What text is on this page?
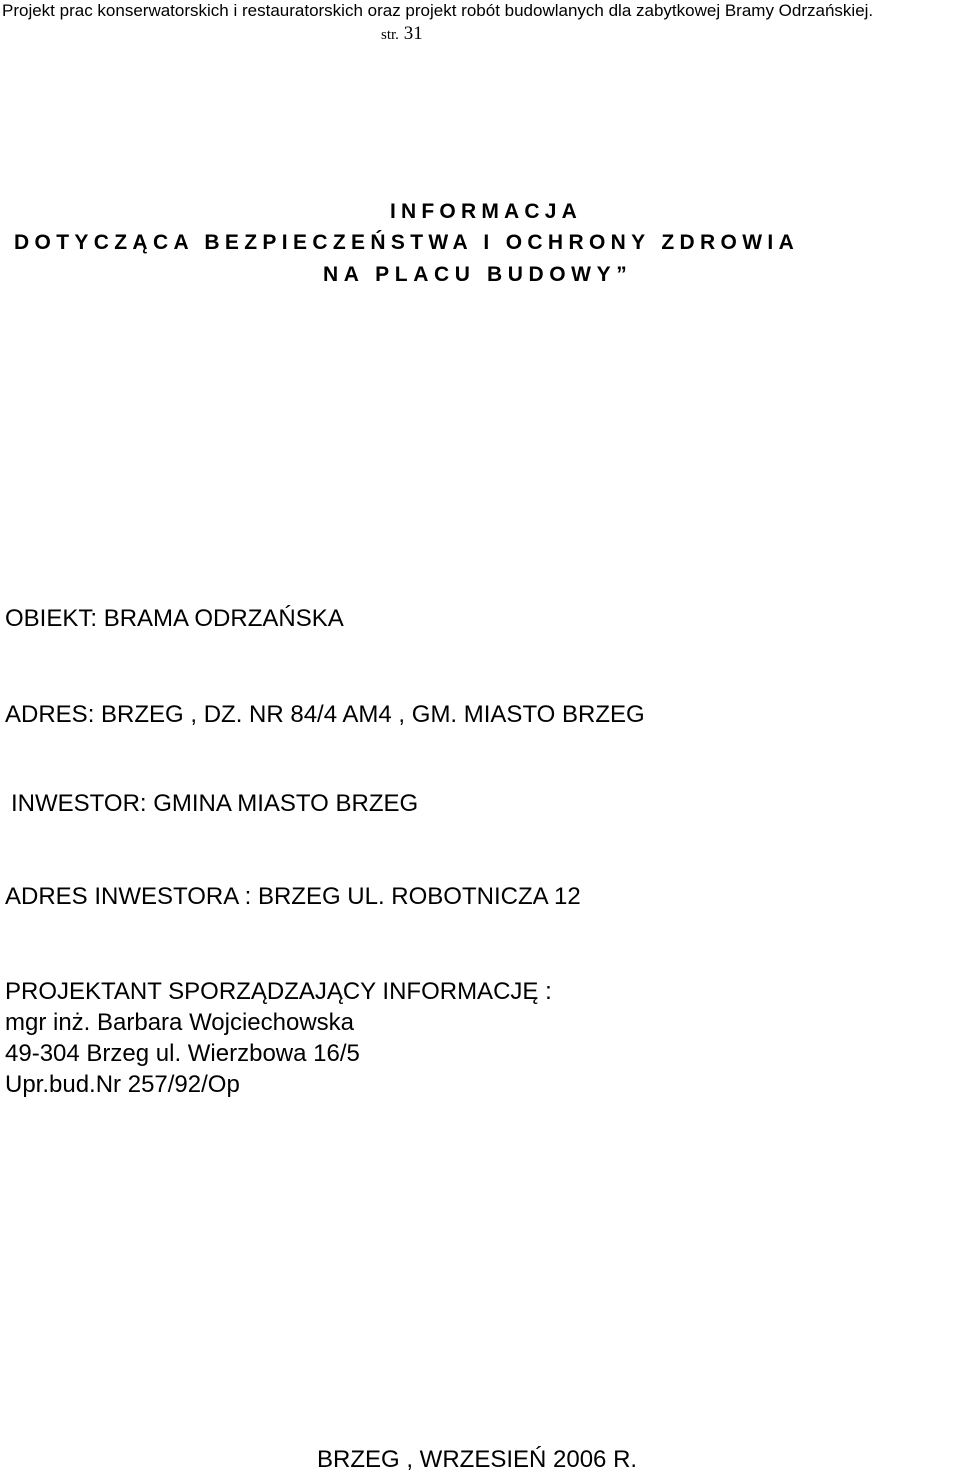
Projekt prac konserwatorskich i restauratorskich oraz projekt robót budowlanych dla zabytkowej Bramy Odrzańskiej.
str. 31
INFORMACJA
DOTYCZĄCA BEZPIECZEŃSTWA I OCHRONY ZDROWIA
NA PLACU BUDOWY”
OBIEKT: BRAMA ODRZAŃSKA
ADRES: BRZEG , DZ. NR 84/4 AM4 , GM. MIASTO BRZEG
INWESTOR: GMINA MIASTO BRZEG
ADRES INWESTORA : BRZEG UL. ROBOTNICZA 12
PROJEKTANT SPORZĄDZAJĄCY INFORMACJĘ :
mgr inż. Barbara Wojciechowska
49-304 Brzeg ul. Wierzbowa 16/5
Upr.bud.Nr 257/92/Op
BRZEG , WRZESIEŃ 2006 R.
